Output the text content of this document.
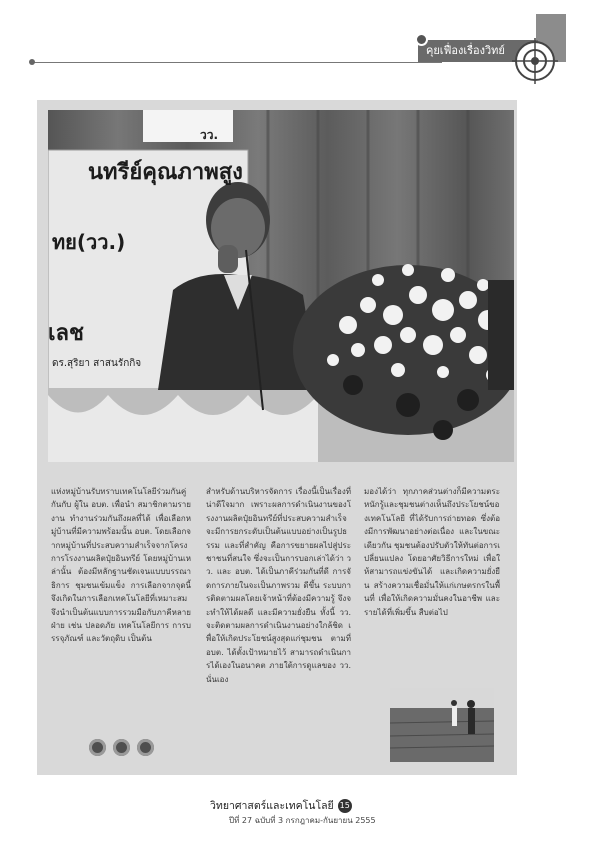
คุยเฟื่องเรื่องวิทย์
วว.
นทรีย์คุณภาพสูง
ทย(วว.)
เลช
ดร.สุริยา สาสนรักกิจ
แห่งหมู่บ้านรับทราบเทคโนโลยีร่วมกันคู่กันกับ ผู้ใน อบต. เพื่อนำ สมาชิกตามรายงาน ทำงานร่วมกันถึงผลที่ได้ เพื่อเลือกหมู่บ้านที่มีความพร้อมนั้น อบต. โดยเลือกจากหมู่บ้านที่ประสบความสำเร็จจากโครงการโรงงานผลิตปุ๋ยอินทรีย์ โดยหมู่บ้านเหล่านั้น ต้องมีหลักฐานชัดเจนแบบบรรณาธิการ ชุมชนเข้มแข็ง การเลือกจากจุดนี้ จึงเกิดในการเลือกเทคโนโลยีที่เหมาะสม จึงนำเป็นต้นแบบการรวมมือกับภาคีหลายฝ่าย เช่น ปลอดภัย เทคโนโลยีการ การบรรจุภัณฑ์ และวัตถุดิบ เป็นต้น
สำหรับด้านบริหารจัดการ เรื่องนี้เป็นเรื่องที่น่าดีใจมาก เพราะผลการดำเนินงานของโรงงานผลิตปุ๋ยอินทรีย์ที่ประสบความสำเร็จ จะมีการยกระดับเป็นต้นแบบอย่างเป็นรูปธรรม และที่สำคัญ คือการขยายผลไปสู่ประชาชนที่สนใจ ซึ่งจะเป็นการบอกเล่าได้ว่า วว. และ อบต. ได้เป็นภาคีร่วมกันที่ดี การจัดการภายในจะเป็นภาพรวม ดีขึ้น ระบบการติดตามผลโดยเจ้าหน้าที่ต้องมีความรู้ จึงจะทำให้ได้ผลดี และมีความยั่งยืน ทั้งนี้ วว. จะติดตามผลการดำเนินงานอย่างใกล้ชิด เพื่อให้เกิดประโยชน์สูงสุดแก่ชุมชน ตามที่ อบต. ได้ตั้งเป้าหมายไว้ สามารถดำเนินการได้เองในอนาคต ภายใต้การดูแลของ วว. นั่นเอง
มองได้ว่า ทุกภาคส่วนต่างก็มีความตระหนักรู้และชุมชนต่างเห็นถึงประโยชน์ของเทคโนโลยี ที่ได้รับการถ่ายทอด ซึ่งต้องมีการพัฒนาอย่างต่อเนื่อง และในขณะเดียวกัน ชุมชนต้องปรับตัวให้ทันต่อการเปลี่ยนแปลง โดยอาศัยวิธีการใหม่ เพื่อให้สามารถแข่งขันได้ และเกิดความยั่งยืน สร้างความเชื่อมั่นให้แก่เกษตรกรในพื้นที่ เพื่อให้เกิดความมั่นคงในอาชีพ และรายได้ที่เพิ่มขึ้น สืบต่อไป
วิทยาศาสตร์และเทคโนโลยี 15
ปีที่ 27 ฉบับที่ 3 กรกฎาคม-กันยายน 2555
